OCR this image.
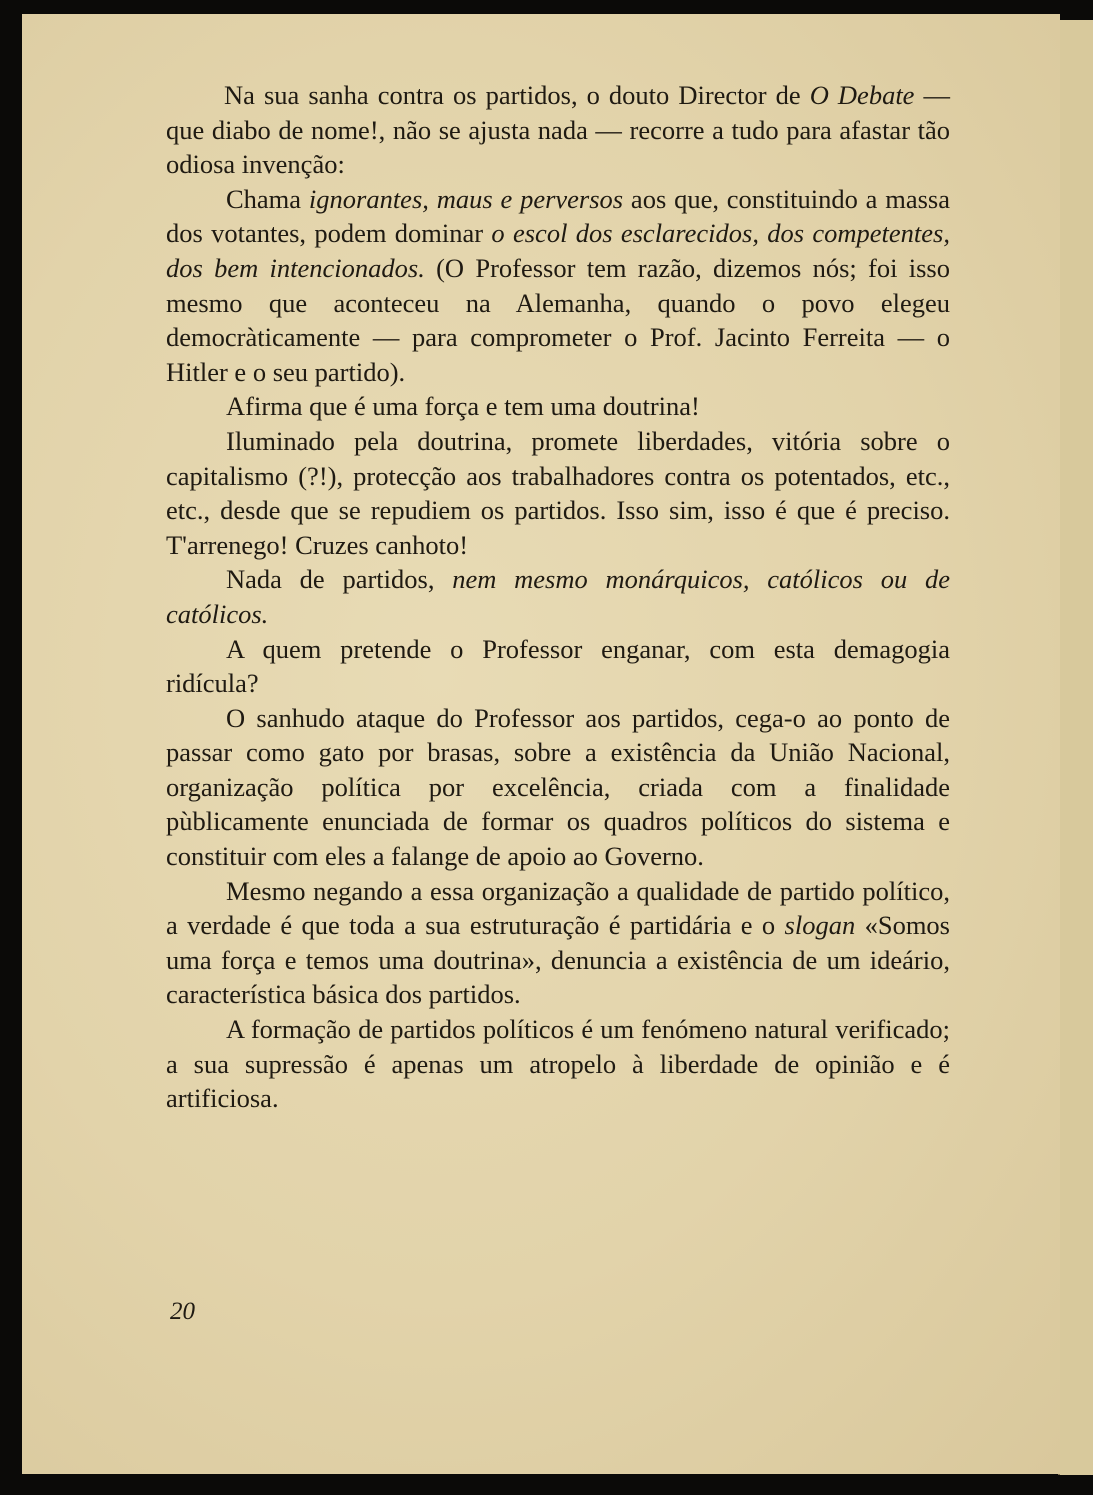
Na sua sanha contra os partidos, o douto Director de O Debate — que diabo de nome!, não se ajusta nada — recorre a tudo para afastar tão odiosa invenção:

Chama ignorantes, maus e perversos aos que, constituindo a massa dos votantes, podem dominar o escol dos esclarecidos, dos competentes, dos bem intencionados. (O Professor tem razão, dizemos nós; foi isso mesmo que aconteceu na Alemanha, quando o povo elegeu democràticamente — para comprometer o Prof. Jacinto Ferreita — o Hitler e o seu partido).

Afirma que é uma força e tem uma doutrina!

Iluminado pela doutrina, promete liberdades, vitória sobre o capitalismo (?!), protecção aos trabalhadores contra os potentados, etc., etc., desde que se repudiem os partidos. Isso sim, isso é que é preciso. T'arrenego! Cruzes canhoto!

Nada de partidos, nem mesmo monárquicos, católicos ou de católicos.

A quem pretende o Professor enganar, com esta demagogia ridícula?

O sanhudo ataque do Professor aos partidos, cega-o ao ponto de passar como gato por brasas, sobre a existência da União Nacional, organização política por excelência, criada com a finalidade pùblicamente enunciada de formar os quadros políticos do sistema e constituir com eles a falange de apoio ao Governo.

Mesmo negando a essa organização a qualidade de partido político, a verdade é que toda a sua estruturação é partidária e o slogan «Somos uma força e temos uma doutrina», denuncia a existência de um ideário, característica básica dos partidos.

A formação de partidos políticos é um fenómeno natural verificado; a sua supressão é apenas um atropelo à liberdade de opinião e é artificiosa.

20
